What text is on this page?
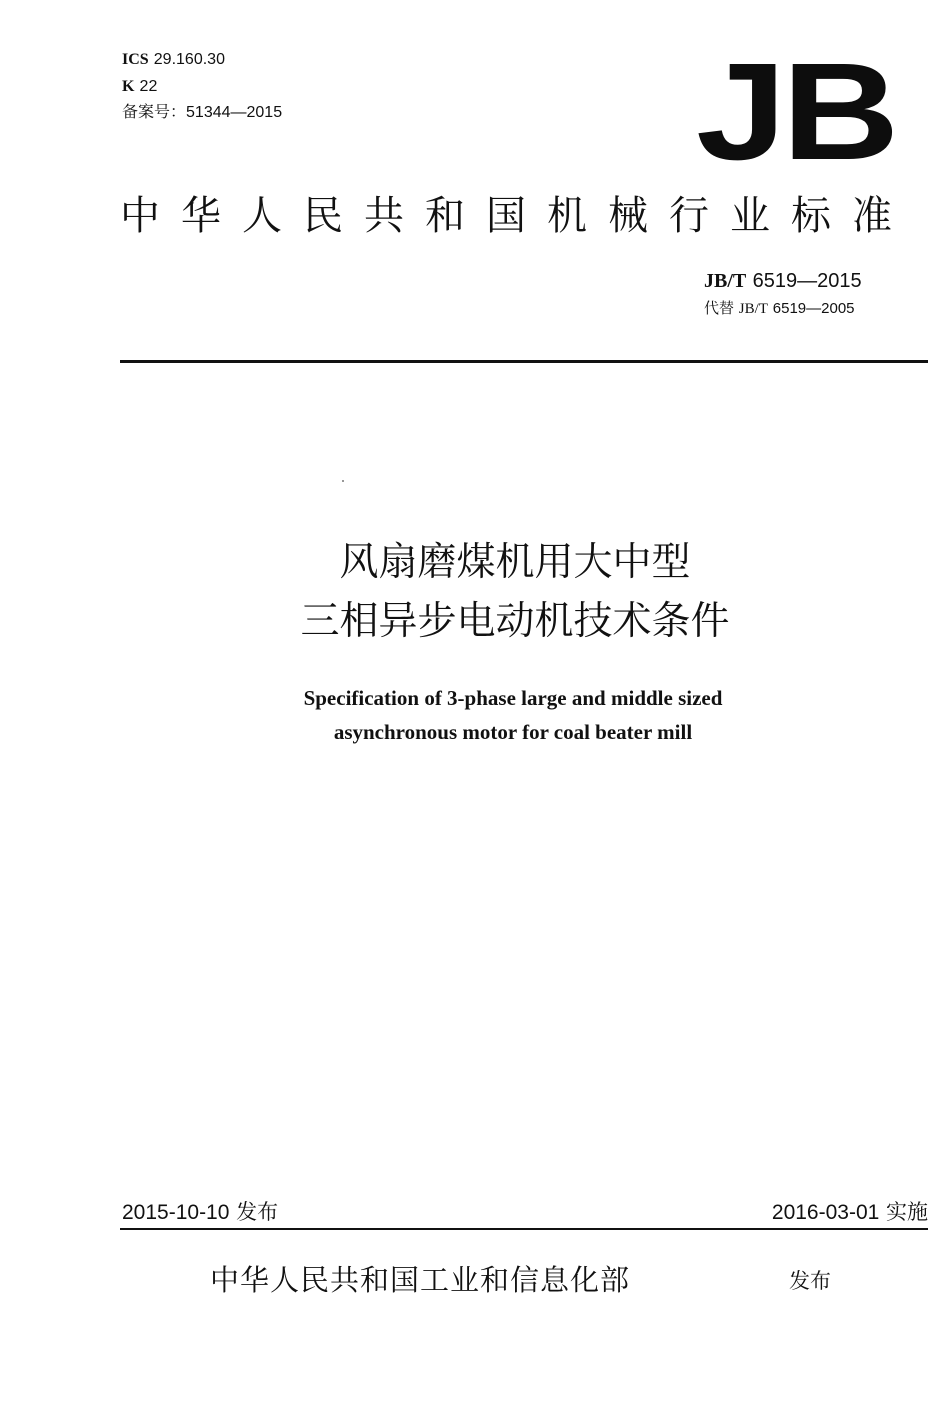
ICS 29.160.30
K 22
备案号：51344—2015	JB
中华人民共和国机械行业标准
JB/T 6519—2015
代替 JB/T 6519—2005
风扇磨煤机用大中型
三相异步电动机技术条件
Specification of 3-phase large and middle sized
asynchronous motor for coal beater mill
2015-10-10 发布	2016-03-01 实施
中华人民共和国工业和信息化部	发布
